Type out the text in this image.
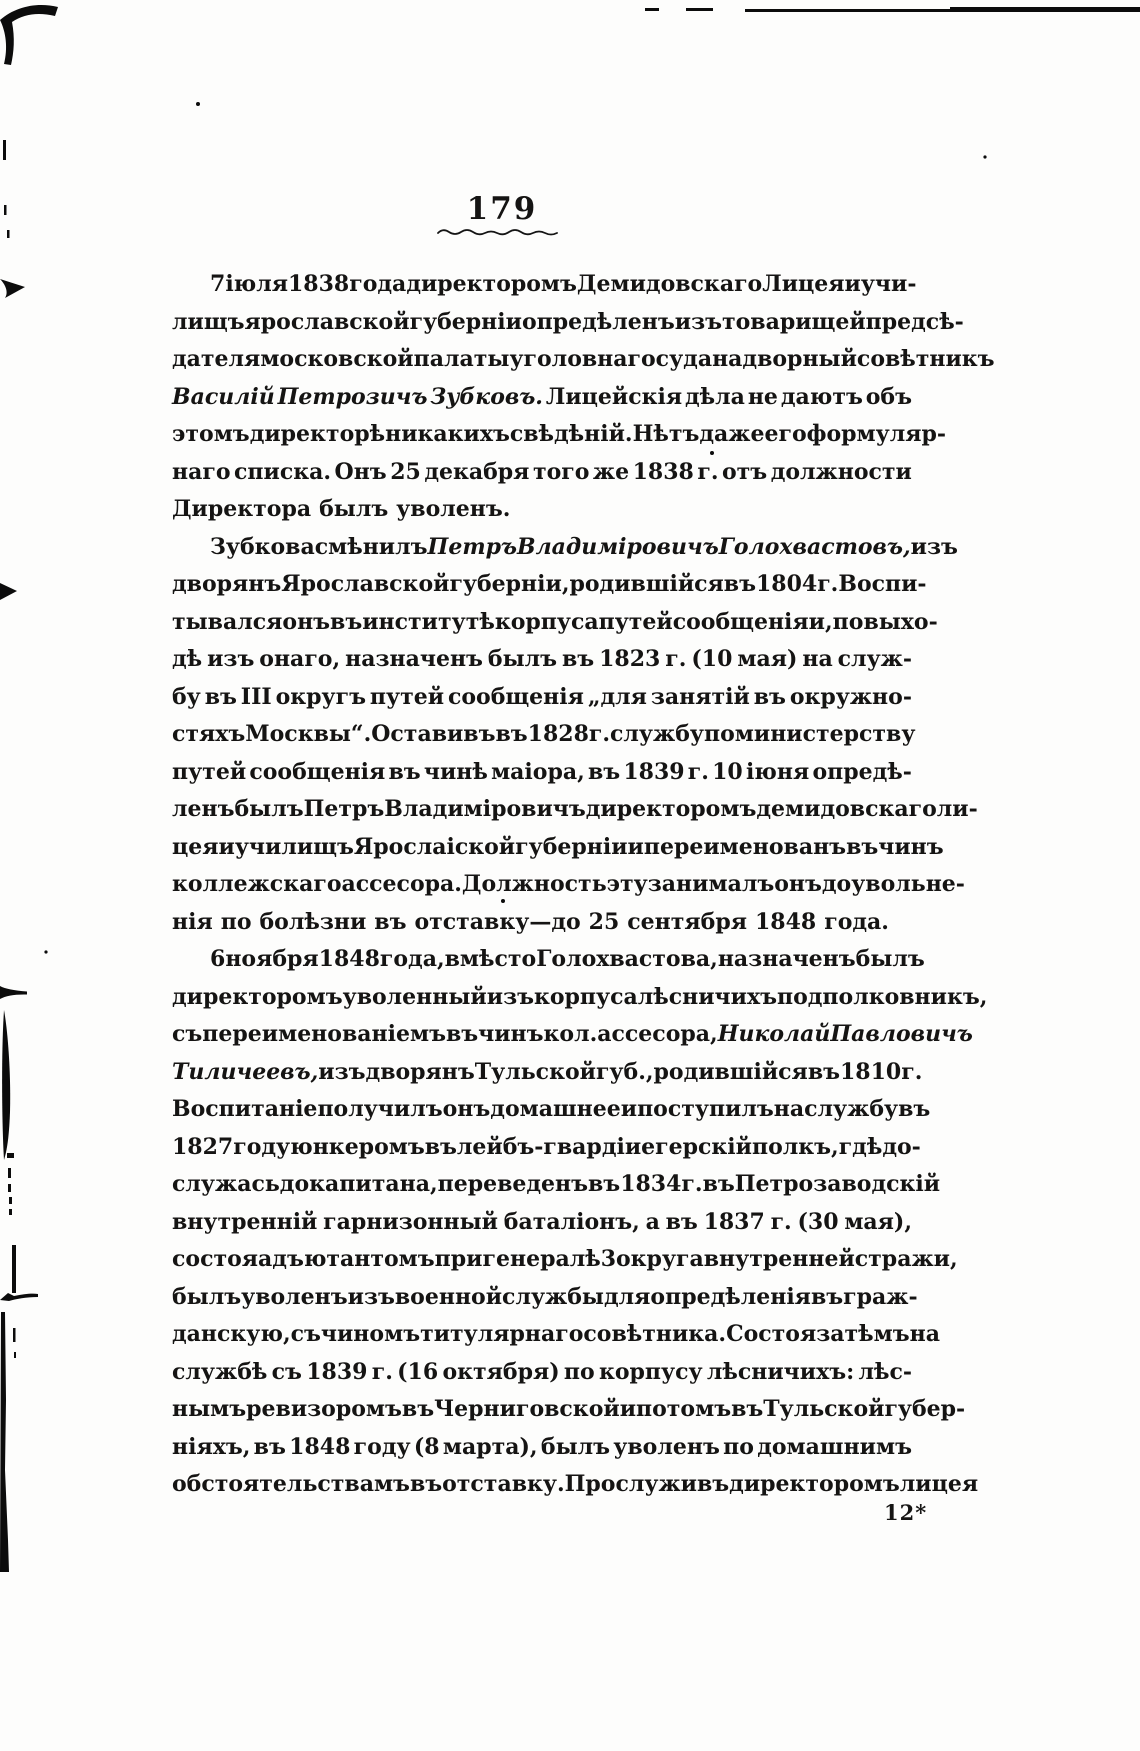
179
7 іюля 1838 года директоромъ Демидовскаго Лицея и учи-
лищъ ярославской губерніи опредѣленъ изъ товарищей предсѣ-
дателя московской палаты уголовнаго суда надворный совѣтникъ
Василій Петрозичъ Зубковъ. Лицейскія дѣла не даютъ объ
этомъ директорѣ никакихъ свѣдѣній. Нѣтъ даже его формуляр-
наго списка. Онъ 25 декабря того же 1838 г. отъ должности
Директора былъ уволенъ.
Зубкова смѣнилъ Петръ Владиміровичъ Голохвастовъ, изъ
дворянъ Ярославской губерніи, родившійся въ 1804 г. Воспи-
тывался онъ въ институтѣ корпуса путей сообщенія и, по выхо-
дѣ изъ онаго, назначенъ былъ въ 1823 г. (10 мая) на служ-
бу въ III округъ путей сообщенія „для занятій въ окружно-
стяхъ Москвы“. Оставивъ въ 1828 г. службу по министерству
путей сообщенія въ чинѣ маіора, въ 1839 г. 10 іюня опредѣ-
ленъ былъ Петръ Владиміровичъ директоромъ демидовскаго ли-
цея и училищъ Ярослаіской губерніи и переименованъ въ чинъ
коллежскаго ассесора. Должность эту занималъ онъ до увольне-
нія по болѣзни въ отставку—до 25 сентября 1848 года.
6 ноября 1848 года, вмѣсто Голохвастова, назначенъ былъ
директоромъ уволенный изъ корпуса лѣсничихъ подполковникъ,
съ переименованіемъ въ чинъ кол. ассесора, Николай Павловичъ
Тиличеевъ, изъ дворянъ Тульской губ., родившійся въ 1810 г.
Воспитаніе получилъ онъ домашнее и поступилъ на службу въ
1827 году юнкеромъ въ лейбъ-гвардіи егерскій полкъ, гдѣ до-
служась до капитана, переведенъ въ 1834 г. въ Петрозаводскій
внутренній гарнизонный баталіонъ, а въ 1837 г. (30 мая),
состоя адъютантомъ при генералѣ 3 округа внутренней стражи,
былъ уволенъ изъ военной службы для опредѣленія въ граж-
данскую, съ чиномъ титулярнаго совѣтника. Состоя затѣмъ на
службѣ съ 1839 г. (16 октября) по корпусу лѣсничихъ: лѣс-
нымъ ревизоромъ въ Черниговской и потомъ въ Тульской губер-
ніяхъ, въ 1848 году (8 марта), былъ уволенъ по домашнимъ
обстоятельствамъ въ отставку. Прослуживъ директоромъ лицея
12*
